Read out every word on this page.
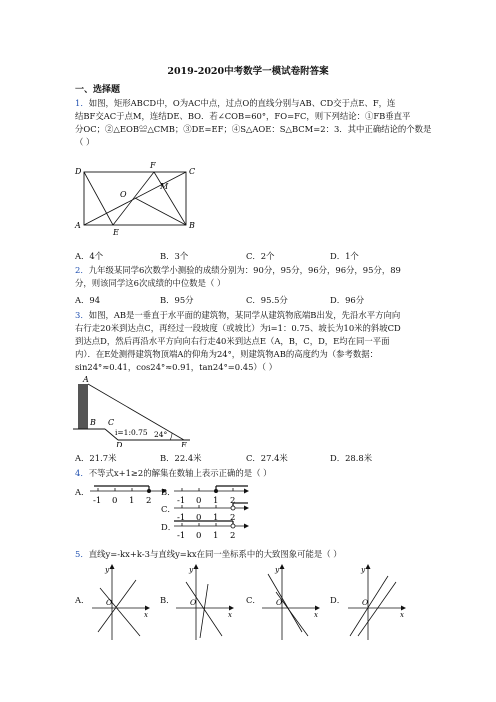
2019-2020中考数学一模试卷附答案
一、选择题
1．如图，矩形ABCD中，O为AC中点，过点O的直线分别与AB、CD交于点E、F，连
结BF交AC于点M，连结DE、BO．若∠COB=60°，FO=FC，则下列结论：①FB垂直平
分OC；②△EOB≌△CMB；③DE=EF；④S△AOE：S△BCM=2：3．其中正确结论的个数是
（ ）
D	C
F
M
O
A
E
B
A．4个	B．3个	C．2个	D．1个
2．九年级某同学6次数学小测验的成绩分别为：90分，95分，96分，96分，95分，89
分，则该同学这6次成绩的中位数是（ ）
A．94	B．95分	C．95.5分	D．96分
3．如图，AB是一垂直于水平面的建筑物，某同学从建筑物底端B出发，先沿水平方向向
右行走20米到达点C，再经过一段坡度（或坡比）为i=1：0.75、坡长为10米的斜坡CD
到达点D，然后再沿水平方向向右行走40米到达点E（A，B，C，D，E均在同一平面
内）．在E处测得建筑物顶端A的仰角为24°，则建筑物AB的高度约为（参考数据：
sin24°≈0.41，cos24°≈0.91，tan24°=0.45）（ ）
A
B C
i=1:0.75 24°
D	E
A．21.7米	B．22.4米	C．27.4米	D．28.8米
4．不等式x+1≥2的解集在数轴上表示正确的是（ ）
A．
-1 0 1 2
B．
-1 0 1 2
C．
-1 0 1 2
D．
-1 0 1 2
5．直线y=-kx+k-3与直线y=kx在同一坐标系中的大致图象可能是（ ）
A．
y
O
x
B．
y
O
x
C．
y
O
x
D．
y
O
x
